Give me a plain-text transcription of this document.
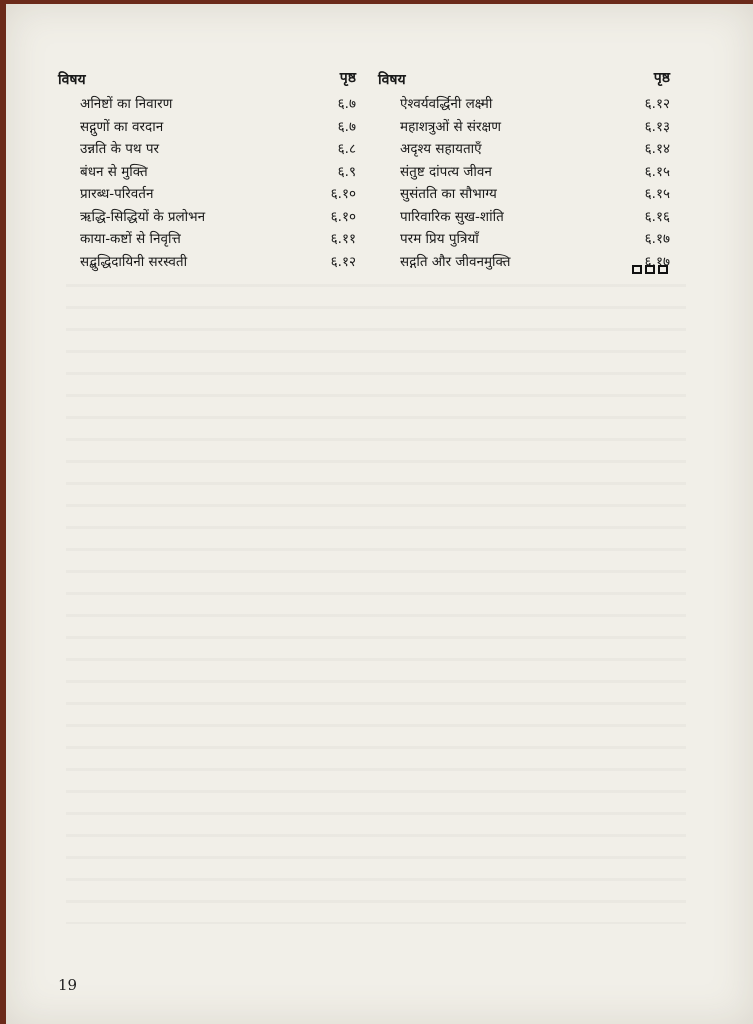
विषय	पृष्ठ
अनिष्टों का निवारण	६.७
सद्गुणों का वरदान	६.७
उन्नति के पथ पर	६.८
बंधन से मुक्ति	६.९
प्रारब्ध-परिवर्तन	६.१०
ऋद्धि-सिद्धियों के प्रलोभन	६.१०
काया-कष्टों से निवृत्ति	६.११
सद्बुद्धिदायिनी सरस्वती	६.१२
विषय	पृष्ठ
ऐश्वर्यवर्द्धिनी लक्ष्मी	६.१२
महाशत्रुओं से संरक्षण	६.१३
अदृश्य सहायताएँ	६.१४
संतुष्ट दांपत्य जीवन	६.१५
सुसंतति का सौभाग्य	६.१५
पारिवारिक सुख-शांति	६.१६
परम प्रिय पुत्रियाँ	६.१७
सद्गति और जीवनमुक्ति	६.१७
19
